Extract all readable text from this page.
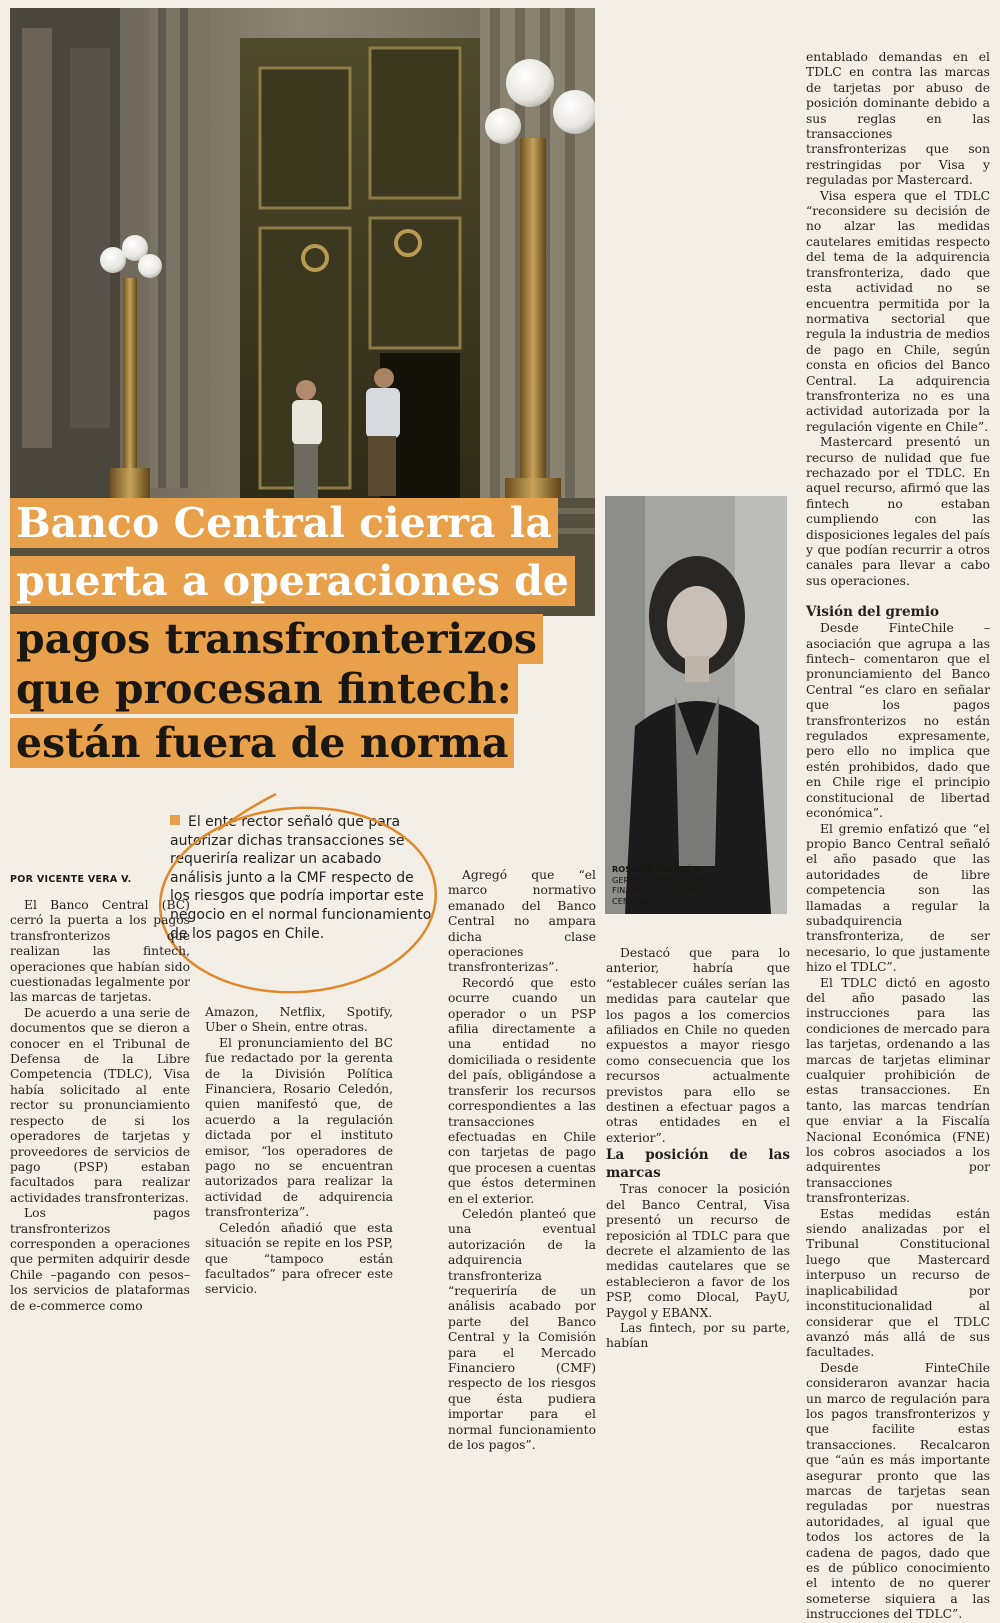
Banco Central cierra la
puerta a operaciones de
pagos transfronterizos
que procesan fintech:
están fuera de norma
ROSARIO CELEDÓN
GERENTE DIVISIÓN POLÍTICA FINANCIERA DEL BANCO CENTRAL.
POR VICENTE VERA V.
El ente rector señaló que para autorizar dichas transacciones se requeriría realizar un acabado análisis junto a la CMF respecto de los riesgos que podría importar este negocio en el normal funcionamiento de los pagos en Chile.

El Banco Central (BC) cerró la puerta a los pagos transfronterizos que realizan las fintech, operaciones que habían sido cuestionadas legalmente por las marcas de tarjetas.

De acuerdo a una serie de documentos que se dieron a conocer en el Tribunal de Defensa de la Libre Competencia (TDLC), Visa había solicitado al ente rector su pronunciamiento respecto de si los operadores de tarjetas y proveedores de servicios de pago (PSP) estaban facultados para realizar actividades transfronterizas.

Los pagos transfronterizos corresponden a operaciones que permiten adquirir desde Chile –pagando con pesos– los servicios de plataformas de e-commerce como

Amazon, Netflix, Spotify, Uber o Shein, entre otras.

El pronunciamiento del BC fue redactado por la gerenta de la División Política Financiera, Rosario Celedón, quien manifestó que, de acuerdo a la regulación dictada por el instituto emisor, “los operadores de pago no se encuentran autorizados para realizar la actividad de adquirencia transfronteriza”.

Celedón añadió que esta situación se repite en los PSP, que “tampoco están facultados” para ofrecer este servicio.

Agregó que “el marco normativo emanado del Banco Central no ampara dicha clase operaciones transfronterizas”.

Recordó que esto ocurre cuando un operador o un PSP afilia directamente a una entidad no domiciliada o residente del país, obligándose a transferir los recursos correspondientes a las transacciones efectuadas en Chile con tarjetas de pago que procesen a cuentas que éstos determinen en el exterior.

Celedón planteó que una eventual autorización de la adquirencia transfronteriza “requeriría de un análisis acabado por parte del Banco Central y la Comisión para el Mercado Financiero (CMF) respecto de los riesgos que ésta pudiera importar para el normal funcionamiento de los pagos”.

Destacó que para lo anterior, habría que “establecer cuáles serían las medidas para cautelar que los pagos a los comercios afiliados en Chile no queden expuestos a mayor riesgo como consecuencia que los recursos actualmente previstos para ello se destinen a efectuar pagos a otras entidades en el exterior”.

La posición de las marcas

Tras conocer la posición del Banco Central, Visa presentó un recurso de reposición al TDLC para que decrete el alzamiento de las medidas cautelares que se establecieron a favor de los PSP, como Dlocal, PayU, Paygol y EBANX.

Las fintech, por su parte, habían

entablado demandas en el TDLC en contra las marcas de tarjetas por abuso de posición dominante debido a sus reglas en las transacciones transfronterizas que son restringidas por Visa y reguladas por Mastercard.

Visa espera que el TDLC “reconsidere su decisión de no alzar las medidas cautelares emitidas respecto del tema de la adquirencia transfronteriza, dado que esta actividad no se encuentra permitida por la normativa sectorial que regula la industria de medios de pago en Chile, según consta en oficios del Banco Central. La adquirencia transfronteriza no es una actividad autorizada por la regulación vigente en Chile”.

Mastercard presentó un recurso de nulidad que fue rechazado por el TDLC. En aquel recurso, afirmó que las fintech no estaban cumpliendo con las disposiciones legales del país y que podían recurrir a otros canales para llevar a cabo sus operaciones.

Visión del gremio

Desde FinteChile –asociación que agrupa a las fintech– comentaron que el pronunciamiento del Banco Central “es claro en señalar que los pagos transfronterizos no están regulados expresamente, pero ello no implica que estén prohibidos, dado que en Chile rige el principio constitucional de libertad económica”.

El gremio enfatizó que “el propio Banco Central señaló el año pasado que las autoridades de libre competencia son las llamadas a regular la subadquirencia transfronteriza, de ser necesario, lo que justamente hizo el TDLC”.

El TDLC dictó en agosto del año pasado las instrucciones para las condiciones de mercado para las tarjetas, ordenando a las marcas de tarjetas eliminar cualquier prohibición de estas transacciones. En tanto, las marcas tendrían que enviar a la Fiscalía Nacional Económica (FNE) los cobros asociados a los adquirentes por transacciones transfronterizas.

Estas medidas están siendo analizadas por el Tribunal Constitucional luego que Mastercard interpuso un recurso de inaplicabilidad por inconstitucionalidad al considerar que el TDLC avanzó más allá de sus facultades.

Desde FinteChile consideraron avanzar hacia un marco de regulación para los pagos transfronterizos y que facilite estas transacciones. Recalcaron que “aún es más importante asegurar pronto que las marcas de tarjetas sean reguladas por nuestras autoridades, al igual que todos los actores de la cadena de pagos, dado que es de público conocimiento el intento de no querer someterse siquiera a las instrucciones del TDLC”.
